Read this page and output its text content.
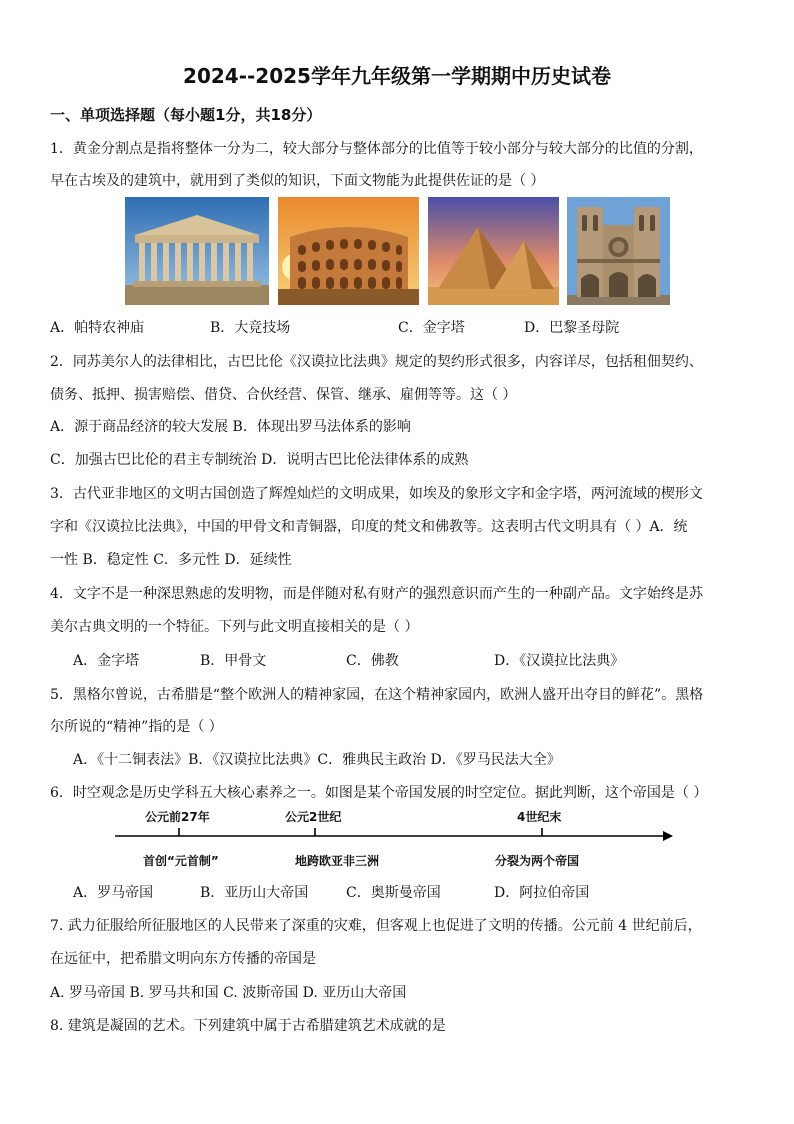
2024--2025学年九年级第一学期期中历史试卷
一、单项选择题（每小题1分，共18分）
1．黄金分割点是指将整体一分为二，较大部分与整体部分的比值等于较小部分与较大部分的比值的分割，
早在古埃及的建筑中，就用到了类似的知识，下面文物能为此提供佐证的是（ ）
A．帕特农神庙	B．大竞技场	C．金字塔	D．巴黎圣母院
2．同苏美尔人的法律相比，古巴比伦《汉谟拉比法典》规定的契约形式很多，内容详尽，包括租佃契约、
债务、抵押、损害赔偿、借贷、合伙经营、保管、继承、雇佣等等。这（ ）
A．源于商品经济的较大发展 B．体现出罗马法体系的影响
C．加强古巴比伦的君主专制统治 D．说明古巴比伦法律体系的成熟
3．古代亚非地区的文明古国创造了辉煌灿烂的文明成果，如埃及的象形文字和金字塔，两河流域的楔形文
字和《汉谟拉比法典》，中国的甲骨文和青铜器，印度的梵文和佛教等。这表明古代文明具有（ ）A．统
一性 B．稳定性 C．多元性 D．延续性
4．文字不是一种深思熟虑的发明物，而是伴随对私有财产的强烈意识而产生的一种副产品。文字始终是苏
美尔古典文明的一个特征。下列与此文明直接相关的是（ ）
A．金字塔	B．甲骨文	C．佛教	D．《汉谟拉比法典》
5．黑格尔曾说，古希腊是“整个欧洲人的精神家园，在这个精神家园内，欧洲人盛开出夺目的鲜花”。黑格
尔所说的“精神”指的是（ ）
A．《十二铜表法》B．《汉谟拉比法典》C．雅典民主政治 D．《罗马民法大全》
6．时空观念是历史学科五大核心素养之一。如图是某个帝国发展的时空定位。据此判断，这个帝国是（ ）
公元前27年	公元2世纪	4世纪末
首创“元首制”	地跨欧亚非三洲	分裂为两个帝国
A．罗马帝国	B．亚历山大帝国	C．奥斯曼帝国	D．阿拉伯帝国
7. 武力征服给所征服地区的人民带来了深重的灾难，但客观上也促进了文明的传播。公元前 4 世纪前后，
在远征中，把希腊文明向东方传播的帝国是
A. 罗马帝国 B. 罗马共和国 C. 波斯帝国 D. 亚历山大帝国
8. 建筑是凝固的艺术。下列建筑中属于古希腊建筑艺术成就的是
